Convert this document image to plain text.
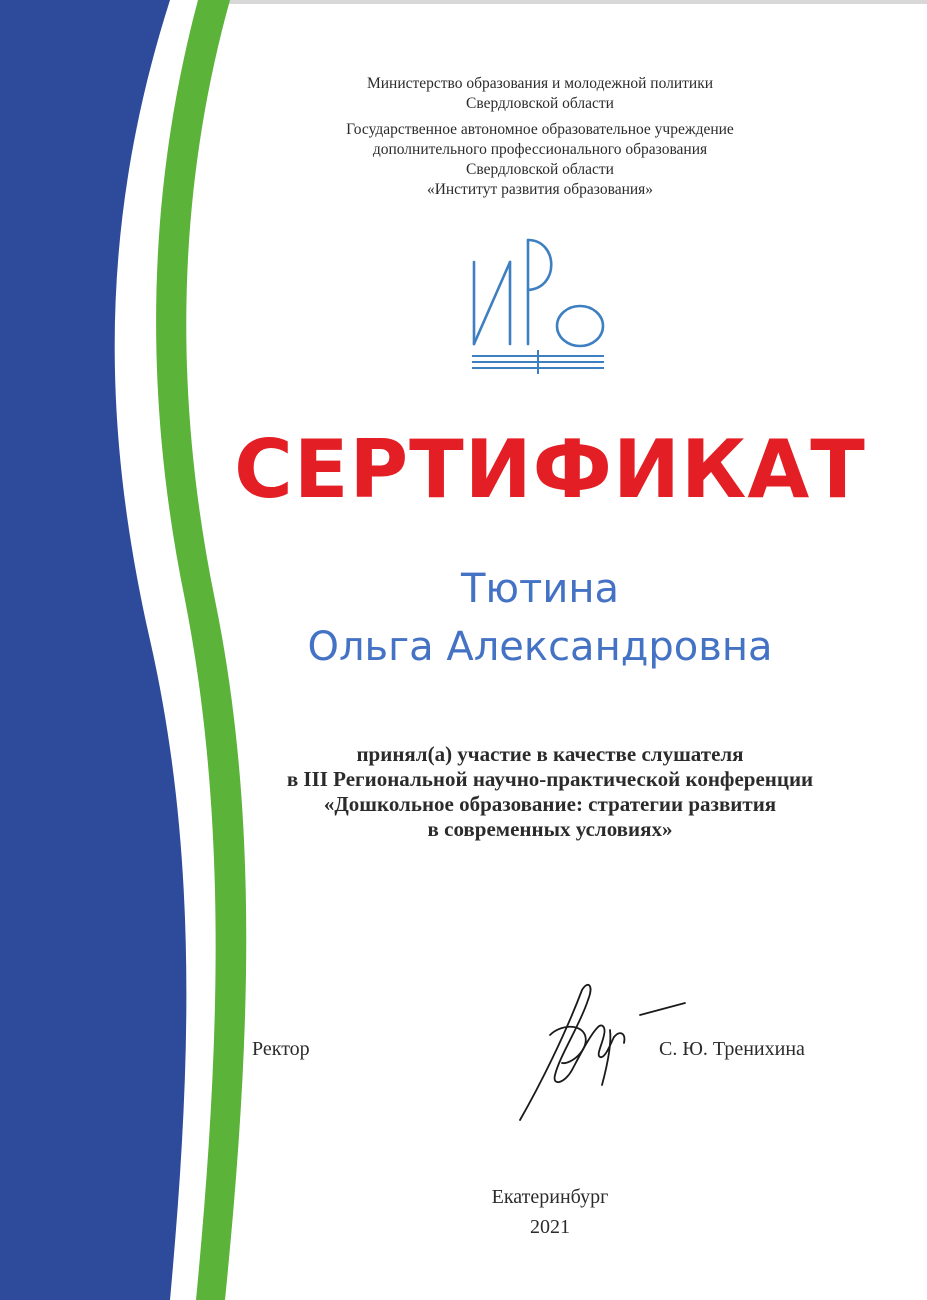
Министерство образования и молодежной политики
Свердловской области
Государственное автономное образовательное учреждение
дополнительного профессионального образования
Свердловской области
«Институт развития образования»
СЕРТИФИКАТ
Тютина
Ольга Александровна
принял(а) участие в качестве слушателя
в III Региональной научно-практической конференции
«Дошкольное образование: стратегии развития
в современных условиях»
Ректор	С. Ю. Тренихина
Екатеринбург
2021
